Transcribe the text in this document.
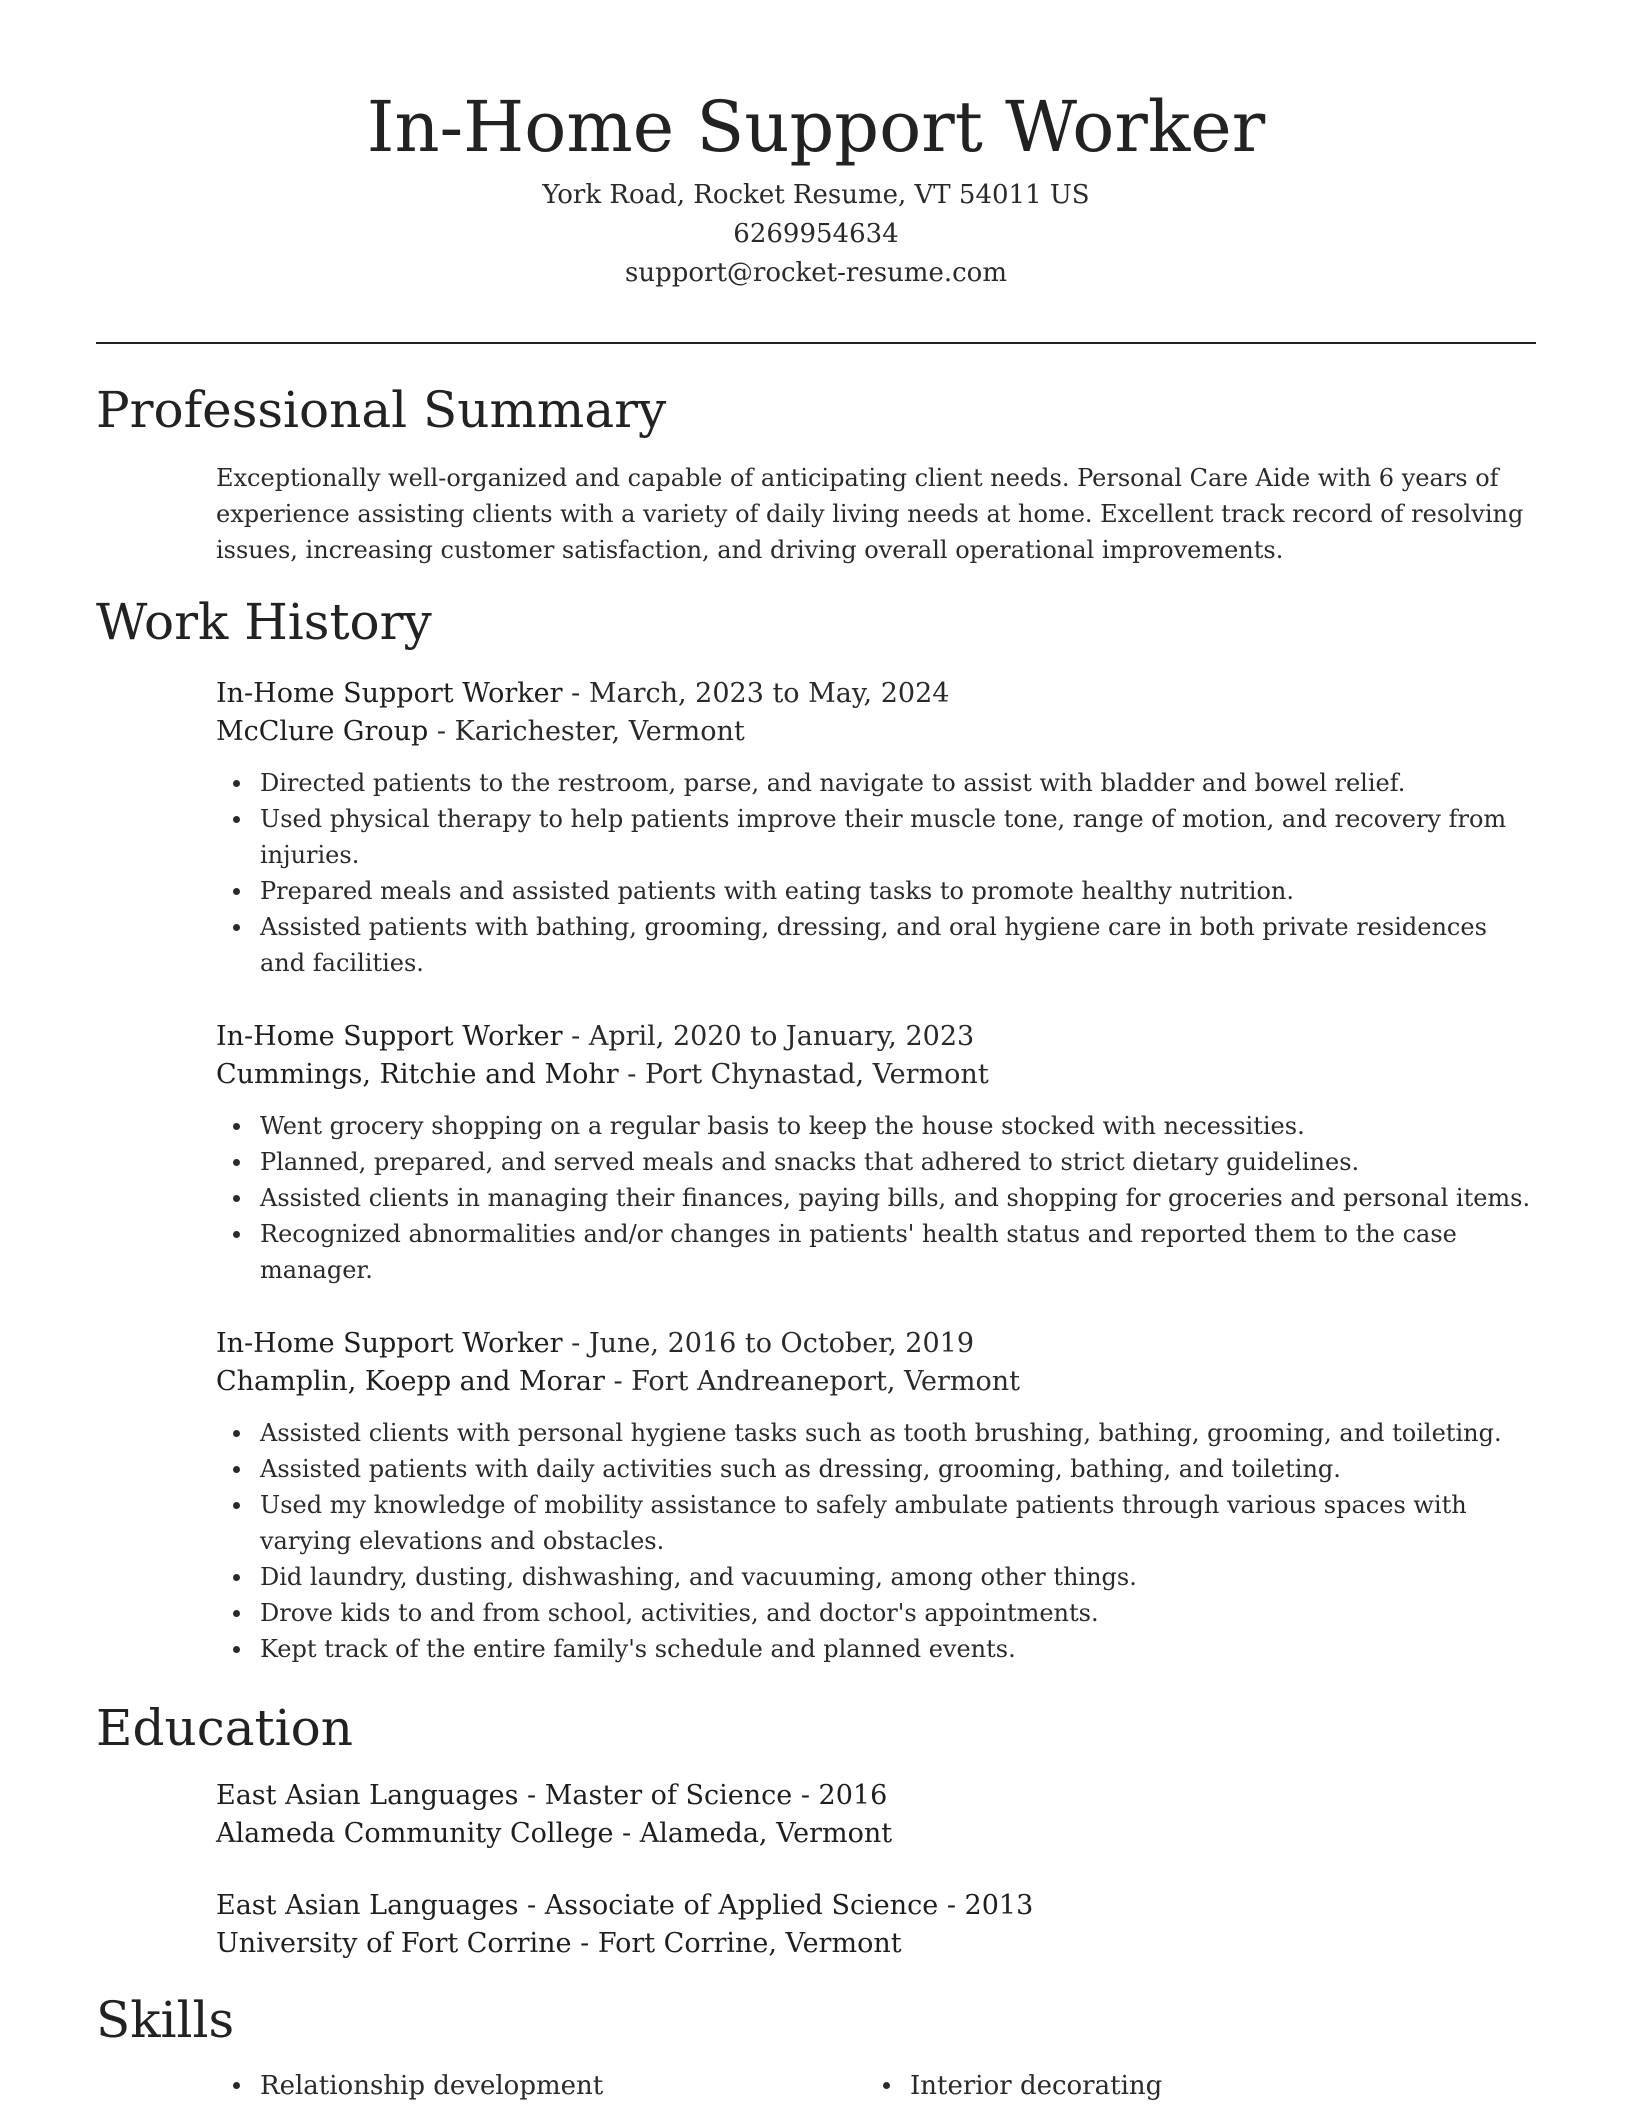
In-Home Support Worker

York Road, Rocket Resume, VT 54011 US

6269954634

support@rocket-resume.com

Professional Summary

Exceptionally well-organized and capable of anticipating client needs. Personal Care Aide with 6 years of experience assisting clients with a variety of daily living needs at home. Excellent track record of resolving issues, increasing customer satisfaction, and driving overall operational improvements.

Work History

In-Home Support Worker - March, 2023 to May, 2024

McClure Group - Karichester, Vermont

Directed patients to the restroom, parse, and navigate to assist with bladder and bowel relief.
Used physical therapy to help patients improve their muscle tone, range of motion, and recovery from injuries.
Prepared meals and assisted patients with eating tasks to promote healthy nutrition.
Assisted patients with bathing, grooming, dressing, and oral hygiene care in both private residences and facilities.

In-Home Support Worker - April, 2020 to January, 2023

Cummings, Ritchie and Mohr - Port Chynastad, Vermont

Went grocery shopping on a regular basis to keep the house stocked with necessities.
Planned, prepared, and served meals and snacks that adhered to strict dietary guidelines.
Assisted clients in managing their finances, paying bills, and shopping for groceries and personal items.
Recognized abnormalities and/or changes in patients' health status and reported them to the case manager.

In-Home Support Worker - June, 2016 to October, 2019

Champlin, Koepp and Morar - Fort Andreaneport, Vermont

Assisted clients with personal hygiene tasks such as tooth brushing, bathing, grooming, and toileting.
Assisted patients with daily activities such as dressing, grooming, bathing, and toileting.
Used my knowledge of mobility assistance to safely ambulate patients through various spaces with varying elevations and obstacles.
Did laundry, dusting, dishwashing, and vacuuming, among other things.
Drove kids to and from school, activities, and doctor's appointments.
Kept track of the entire family's schedule and planned events.
Education

East Asian Languages - Master of Science - 2016

Alameda Community College - Alameda, Vermont

East Asian Languages - Associate of Applied Science - 2013

University of Fort Corrine - Fort Corrine, Vermont

Skills
Relationship development	Interior decorating
